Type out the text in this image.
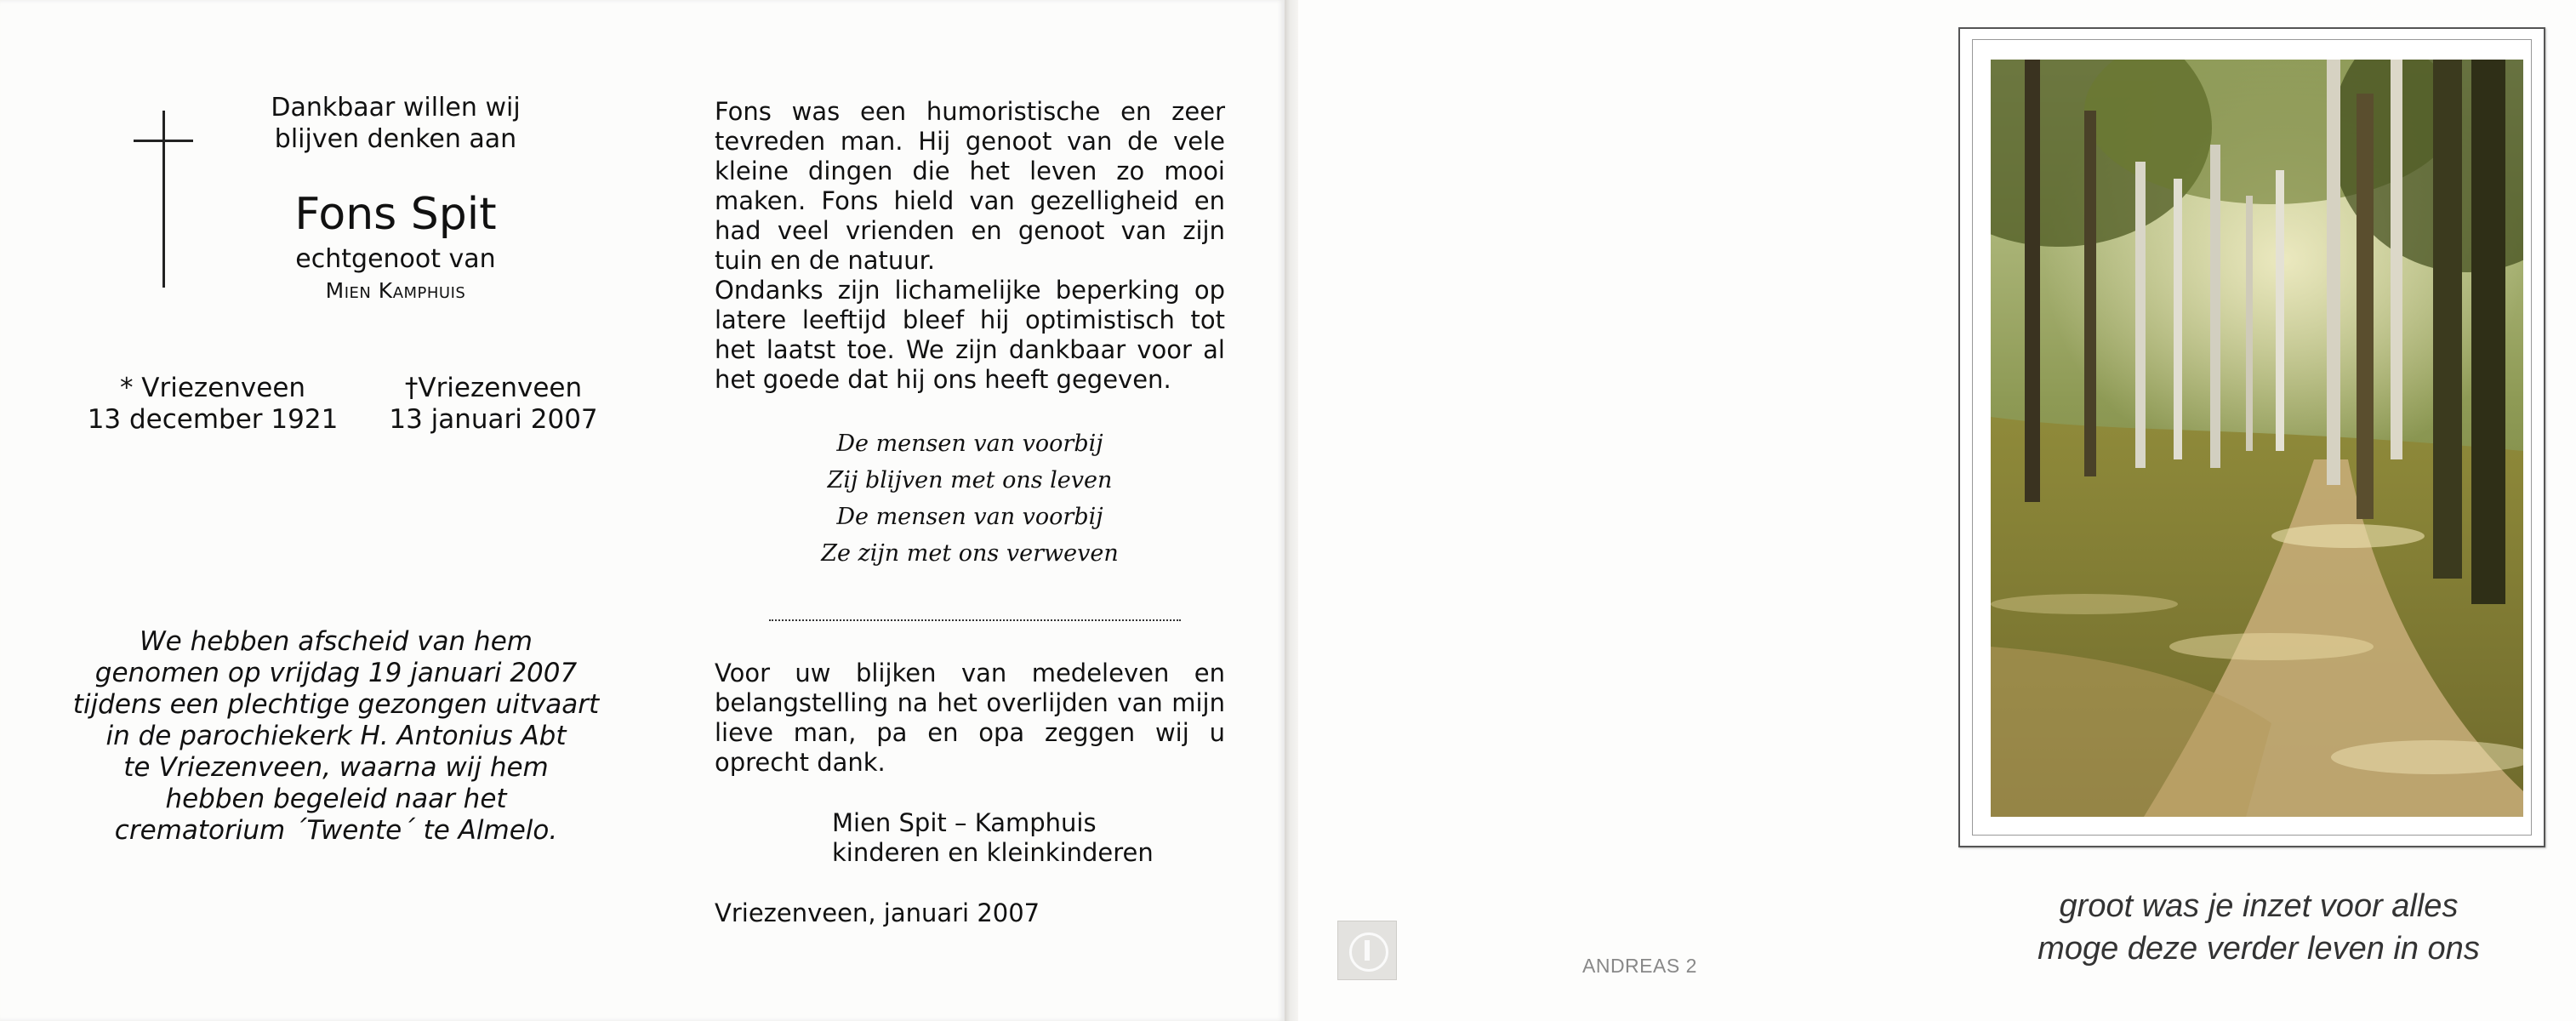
Dankbaar willen wij
blijven denken aan
Fons Spit
echtgenoot van
Mien Kamphuis
* Vriezenveen
13 december 1921
†Vriezenveen
13 januari 2007
We hebben afscheid van hem
genomen op vrijdag 19 januari 2007
tijdens een plechtige gezongen uitvaart
in de parochiekerk H. Antonius Abt
te Vriezenveen, waarna wij hem
hebben begeleid naar het
crematorium ´Twente´ te Almelo.

Fons was een humoristische en zeer tevreden man. Hij genoot van de vele kleine dingen die het leven zo mooi maken. Fons hield van gezelligheid en had veel vrienden en genoot van zijn tuin en de natuur.

Ondanks zijn lichamelijke beperking op latere leeftijd bleef hij optimistisch tot het laatst toe. We zijn dankbaar voor al het goede dat hij ons heeft gegeven.

De mensen van voorbij
Zij blijven met ons leven
De mensen van voorbij
Ze zijn met ons verweven
Voor uw blijken van medeleven en belangstelling na het overlijden van mijn lieve man, pa en opa zeggen wij u oprecht dank.
Mien Spit – Kamphuis
kinderen en kleinkinderen
Vriezenveen, januari 2007
ANDREAS 2
groot was je inzet voor alles
moge deze verder leven in ons
